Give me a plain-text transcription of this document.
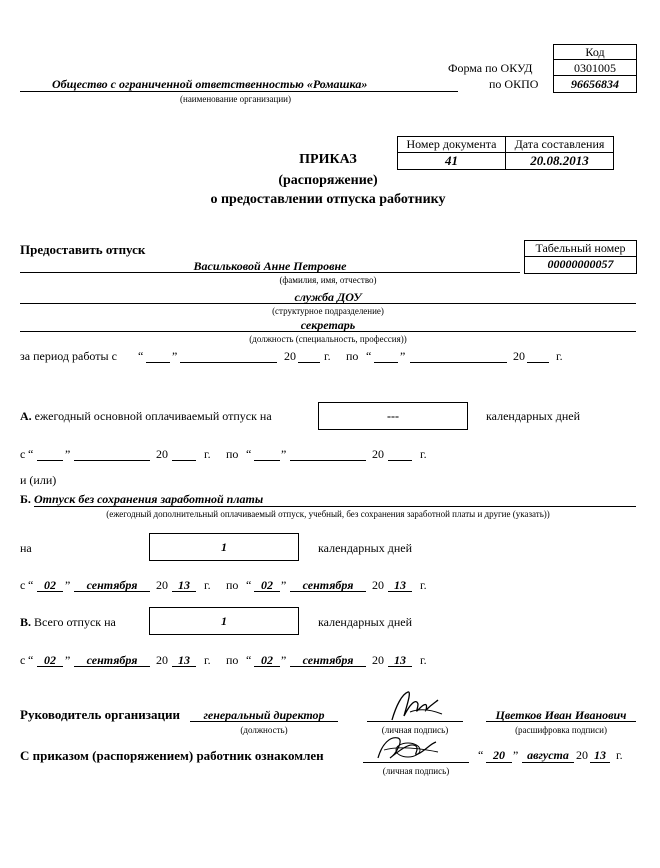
Код
0301005
96656834
Форма по ОКУД
по ОКПО
Общество с ограниченной ответственностью «Ромашка»
(наименование организации)
Номер документа	Дата составления
41	20.08.2013
ПРИКАЗ
(распоряжение)
о предоставлении отпуска работнику
Предоставить отпуск	Табельный номер
00000000057
Васильковой Анне Петровне
(фамилия, имя, отчество)
служба ДОУ
(структурное подразделение)
секретарь
(должность (специальность, профессия))
за период работы с “ ”	20 г. по “ ”	20	г.
А. ежегодный основной оплачиваемый отпуск на	---	календарных дней
с “	”	20	г. по “ ”	20	г.
и (или)
Б. Отпуск без сохранения заработной платы
(ежегодный дополнительный оплачиваемый отпуск, учебный, без сохранения заработной платы и другие (указать))
на	1	календарных дней
с “ 02 ”	сентября	20 13	г. по “ 02 ”	сентября	20 13	г.
В. Всего отпуск на	1	календарных дней
с “ 02 ”	сентября	20 13	г. по “ 02 ”	сентября	20 13	г.
Руководитель организации	генеральный директор
(должность)	(личная подпись)
Цветков Иван Иванович
(расшифровка подписи)
С приказом (распоряжением) работник ознакомлен
(личная подпись)
“ 20 ” августа 20 13 г.
